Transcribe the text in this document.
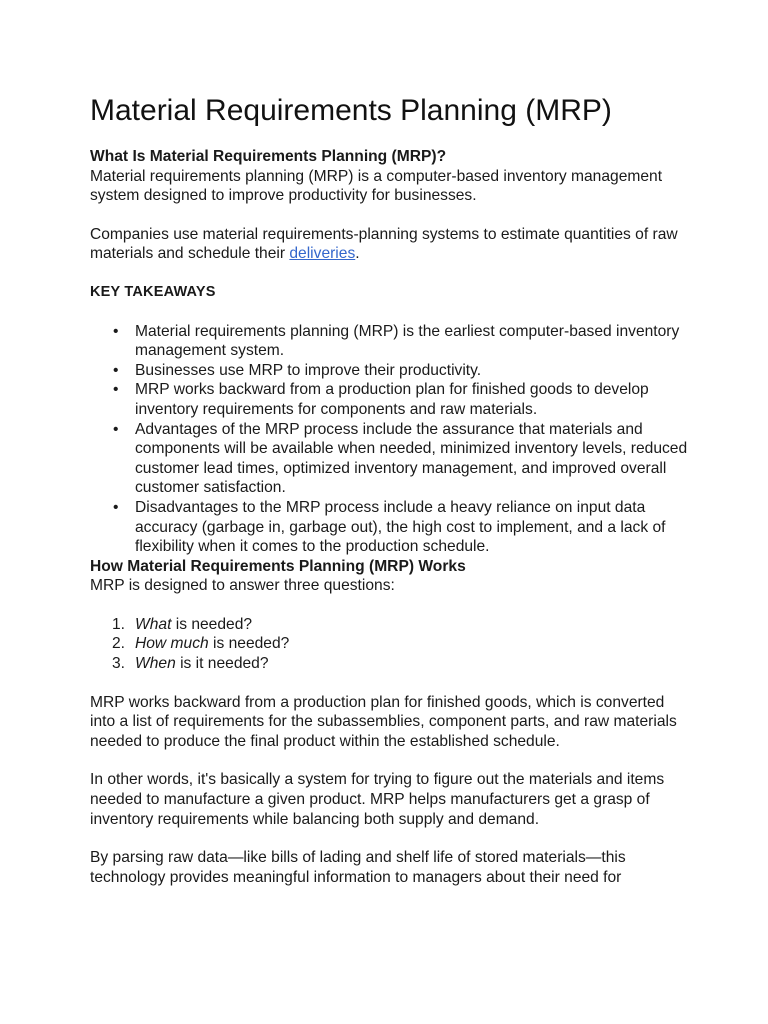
Material Requirements Planning (MRP)

What Is Material Requirements Planning (MRP)?

Material requirements planning (MRP) is a computer-based inventory management system designed to improve productivity for businesses.

Companies use material requirements-planning systems to estimate quantities of raw materials and schedule their deliveries.

KEY TAKEAWAYS

• Material requirements planning (MRP) is the earliest computer-based inventory management system.
• Businesses use MRP to improve their productivity.
• MRP works backward from a production plan for finished goods to develop inventory requirements for components and raw materials.
• Advantages of the MRP process include the assurance that materials and components will be available when needed, minimized inventory levels, reduced customer lead times, optimized inventory management, and improved overall customer satisfaction.
• Disadvantages to the MRP process include a heavy reliance on input data accuracy (garbage in, garbage out), the high cost to implement, and a lack of flexibility when it comes to the production schedule.

How Material Requirements Planning (MRP) Works

MRP is designed to answer three questions:

1. What is needed?
2. How much is needed?
3. When is it needed?

MRP works backward from a production plan for finished goods, which is converted into a list of requirements for the subassemblies, component parts, and raw materials needed to produce the final product within the established schedule.

In other words, it's basically a system for trying to figure out the materials and items needed to manufacture a given product. MRP helps manufacturers get a grasp of inventory requirements while balancing both supply and demand.

By parsing raw data—like bills of lading and shelf life of stored materials—this technology provides meaningful information to managers about their need for
